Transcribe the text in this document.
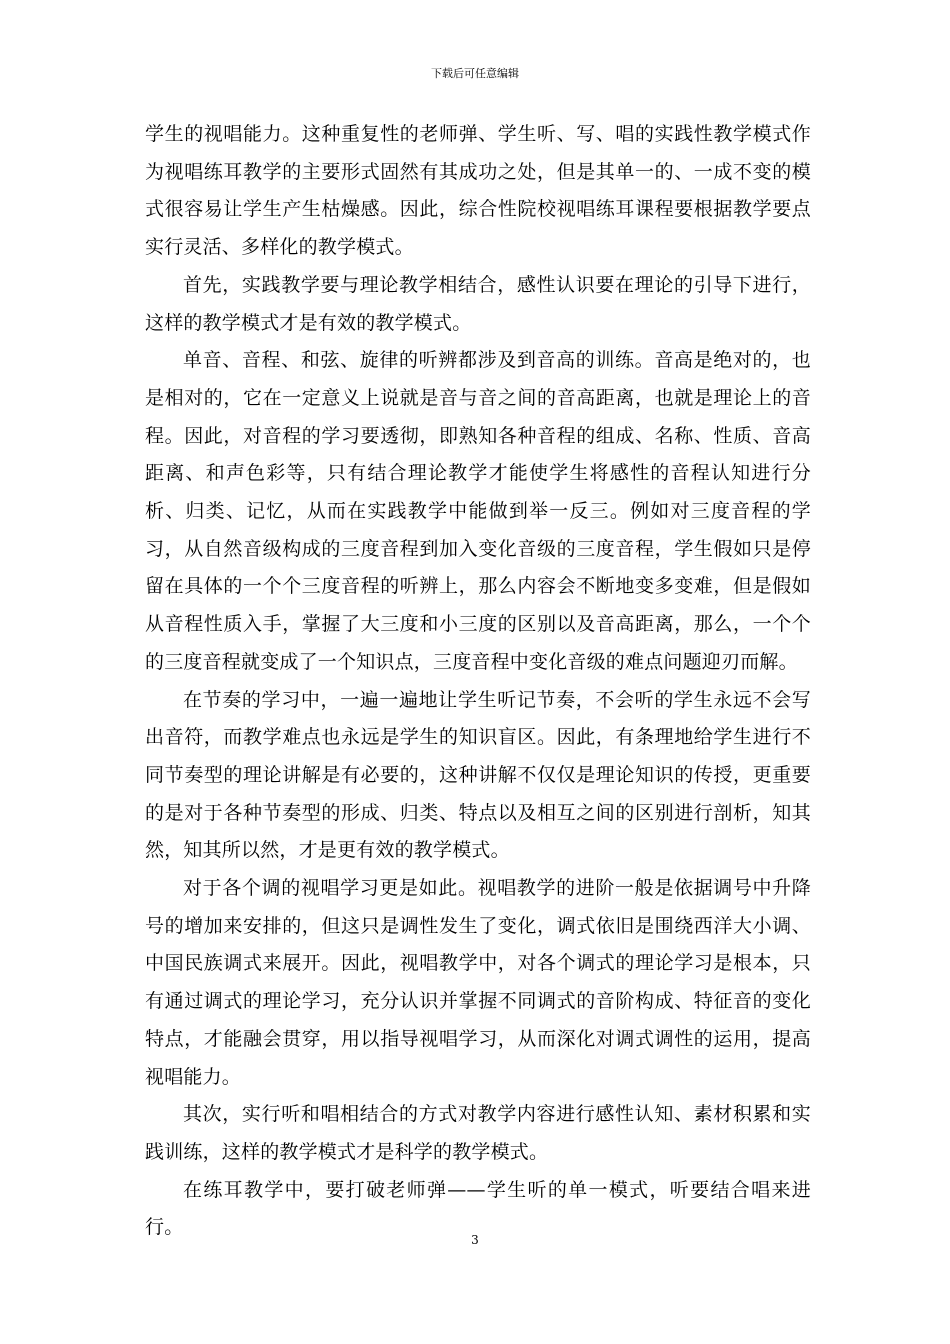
下载后可任意编辑

学生的视唱能力。这种重复性的老师弹、学生听、写、唱的实践性教学模式作为视唱练耳教学的主要形式固然有其成功之处，但是其单一的、一成不变的模式很容易让学生产生枯燥感。因此，综合性院校视唱练耳课程要根据教学要点实行灵活、多样化的教学模式。

首先，实践教学要与理论教学相结合，感性认识要在理论的引导下进行，这样的教学模式才是有效的教学模式。

单音、音程、和弦、旋律的听辨都涉及到音高的训练。音高是绝对的，也是相对的，它在一定意义上说就是音与音之间的音高距离，也就是理论上的音程。因此，对音程的学习要透彻，即熟知各种音程的组成、名称、性质、音高距离、和声色彩等，只有结合理论教学才能使学生将感性的音程认知进行分析、归类、记忆，从而在实践教学中能做到举一反三。例如对三度音程的学习，从自然音级构成的三度音程到加入变化音级的三度音程，学生假如只是停留在具体的一个个三度音程的听辨上，那么内容会不断地变多变难，但是假如从音程性质入手，掌握了大三度和小三度的区别以及音高距离，那么，一个个的三度音程就变成了一个知识点，三度音程中变化音级的难点问题迎刃而解。

在节奏的学习中，一遍一遍地让学生听记节奏，不会听的学生永远不会写出音符，而教学难点也永远是学生的知识盲区。因此，有条理地给学生进行不同节奏型的理论讲解是有必要的，这种讲解不仅仅是理论知识的传授，更重要的是对于各种节奏型的形成、归类、特点以及相互之间的区别进行剖析，知其然，知其所以然，才是更有效的教学模式。

对于各个调的视唱学习更是如此。视唱教学的进阶一般是依据调号中升降号的增加来安排的，但这只是调性发生了变化，调式依旧是围绕西洋大小调、中国民族调式来展开。因此，视唱教学中，对各个调式的理论学习是根本，只有通过调式的理论学习，充分认识并掌握不同调式的音阶构成、特征音的变化特点，才能融会贯穿，用以指导视唱学习，从而深化对调式调性的运用，提高视唱能力。

其次，实行听和唱相结合的方式对教学内容进行感性认知、素材积累和实践训练，这样的教学模式才是科学的教学模式。

在练耳教学中，要打破老师弹——学生听的单一模式，听要结合唱来进行。

3
